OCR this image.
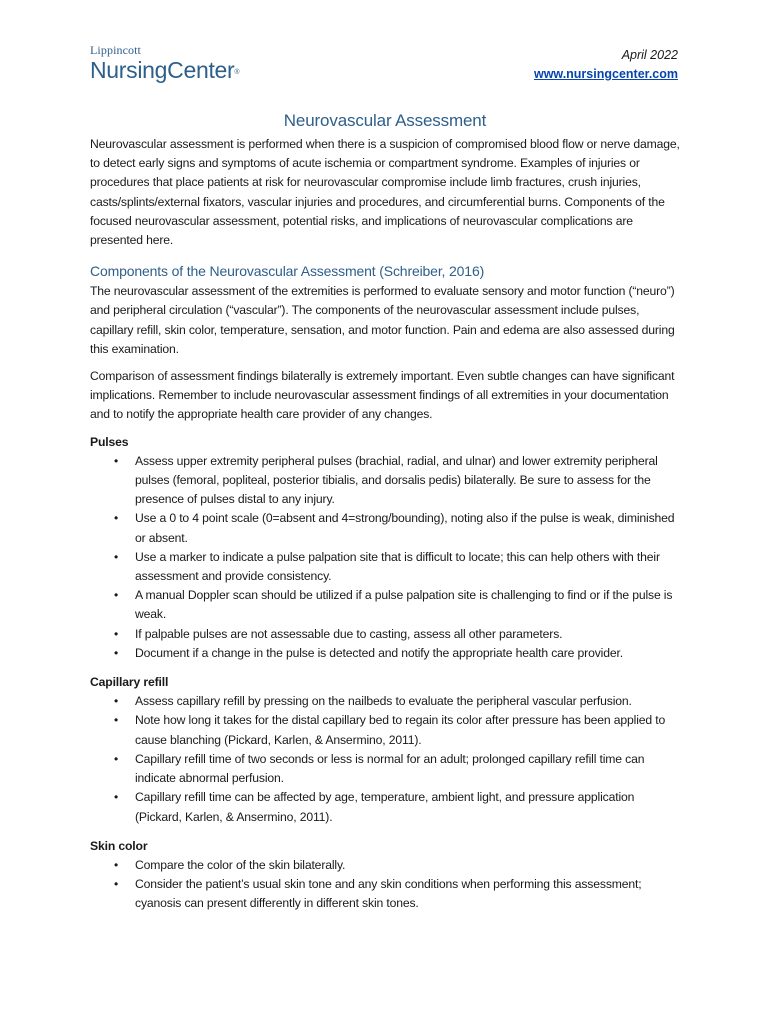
Lippincott
NursingCenter®
April 2022
www.nursingcenter.com
Neurovascular Assessment

Neurovascular assessment is performed when there is a suspicion of compromised blood flow or nerve damage, to detect early signs and symptoms of acute ischemia or compartment syndrome. Examples of injuries or procedures that place patients at risk for neurovascular compromise include limb fractures, crush injuries, casts/splints/external fixators, vascular injuries and procedures, and circumferential burns. Components of the focused neurovascular assessment, potential risks, and implications of neurovascular complications are presented here.

Components of the Neurovascular Assessment (Schreiber, 2016)

The neurovascular assessment of the extremities is performed to evaluate sensory and motor function (“neuro”) and peripheral circulation (“vascular”). The components of the neurovascular assessment include pulses, capillary refill, skin color, temperature, sensation, and motor function. Pain and edema are also assessed during this examination.

Comparison of assessment findings bilaterally is extremely important. Even subtle changes can have significant implications. Remember to include neurovascular assessment findings of all extremities in your documentation and to notify the appropriate health care provider of any changes.

Pulses

• Assess upper extremity peripheral pulses (brachial, radial, and ulnar) and lower extremity peripheral pulses (femoral, popliteal, posterior tibialis, and dorsalis pedis) bilaterally. Be sure to assess for the presence of pulses distal to any injury.
• Use a 0 to 4 point scale (0=absent and 4=strong/bounding), noting also if the pulse is weak, diminished or absent.
• Use a marker to indicate a pulse palpation site that is difficult to locate; this can help others with their assessment and provide consistency.
• A manual Doppler scan should be utilized if a pulse palpation site is challenging to find or if the pulse is weak.
• If palpable pulses are not assessable due to casting, assess all other parameters.
• Document if a change in the pulse is detected and notify the appropriate health care provider.

Capillary refill

• Assess capillary refill by pressing on the nailbeds to evaluate the peripheral vascular perfusion.
• Note how long it takes for the distal capillary bed to regain its color after pressure has been applied to cause blanching (Pickard, Karlen, & Ansermino, 2011).
• Capillary refill time of two seconds or less is normal for an adult; prolonged capillary refill time can indicate abnormal perfusion.
• Capillary refill time can be affected by age, temperature, ambient light, and pressure application (Pickard, Karlen, & Ansermino, 2011).

Skin color

• Compare the color of the skin bilaterally.
• Consider the patient’s usual skin tone and any skin conditions when performing this assessment; cyanosis can present differently in different skin tones.
